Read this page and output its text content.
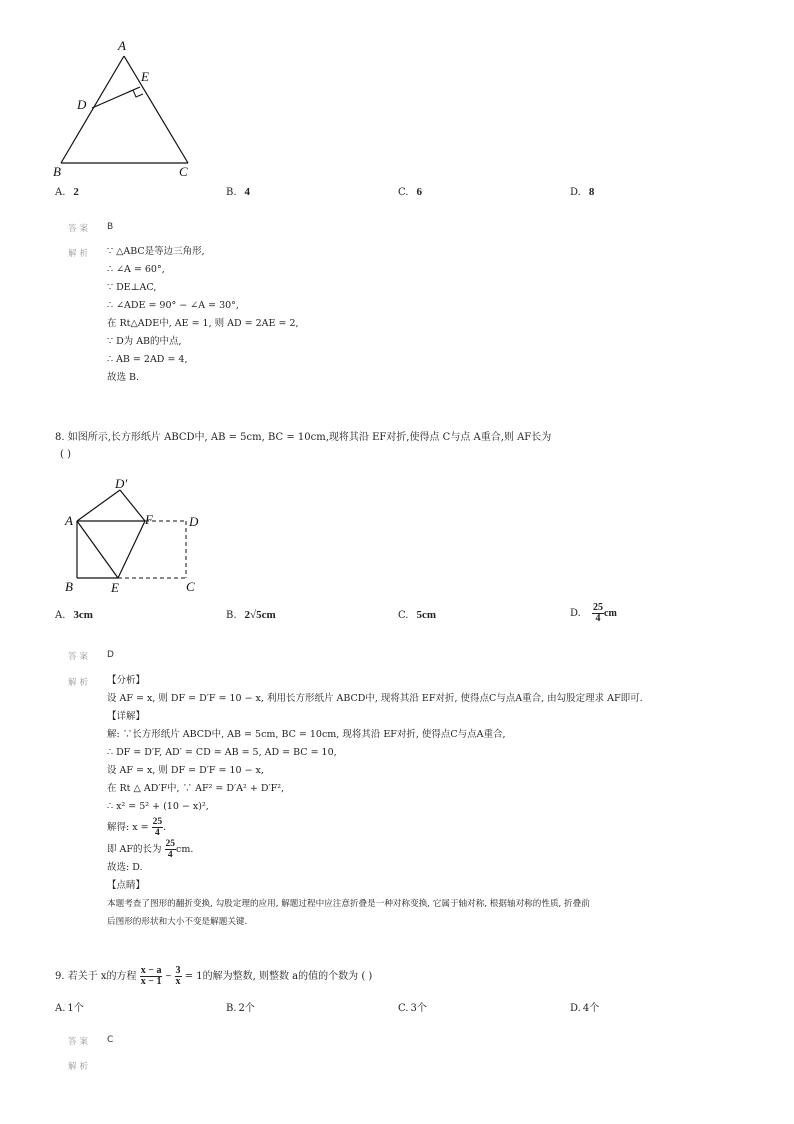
A
E
D
B	C
A. 2	B. 4	C. 6	D. 8
答案 B
解析 ∵ △ABC是等边三角形,
∴ ∠A = 60°,
∵ DE⊥AC,
∴ ∠ADE = 90° − ∠A = 30°,
在 Rt△ADE中, AE = 1, 则 AD = 2AE = 2,
∵ D为 AB的中点,
∴ AB = 2AD = 4,
故选 B.
8. 如图所示,长方形纸片 ABCD中, AB = 5cm, BC = 10cm,现将其沿 EF对折,使得点 C与点 A重合,则 AF长为
( )
D′
A	F	D
B	E	C
A. 3cm	B. 2√5cm	C. 5cm	D. $\frac{25}{4}$ cm
答案 D
解析 【分析】
设 AF = x, 则 DF = D′F = 10 − x, 利用长方形纸片 ABCD中, 现将其沿 EF对折, 使得点C与点A重合, 由勾股定理求 AF即可.
【详解】
解: ∵长方形纸片 ABCD中, AB = 5cm, BC = 10cm, 现将其沿 EF对折, 使得点C与点A重合,
∴ DF = D′F, AD′ = CD = AB = 5, AD = BC = 10,
设 AF = x, 则 DF = D′F = 10 − x,
在 Rt △ AD′F中, ∵ AF² = D′A² + D′F²,
∴ x² = 5² + (10 − x)²,
解得: $x = \frac{25}{4}$ .
即 AF的长为 $\frac{25}{4}$ cm.
故选: D.
【点睛】
本题考查了图形的翻折变换, 勾股定理的应用, 解题过程中应注意折叠是一种对称变换, 它属于轴对称, 根据轴对称的性质, 折叠前
后图形的形状和大小不变是解题关键.
9. 若关于 x的方程 $\frac{x - a}{x - 1} - \frac{3}{x} = 1$的解为整数, 则整数 a的值的个数为 ( )
A. 1个	B. 2个	C. 3个	D. 4个
答案 C
解析
